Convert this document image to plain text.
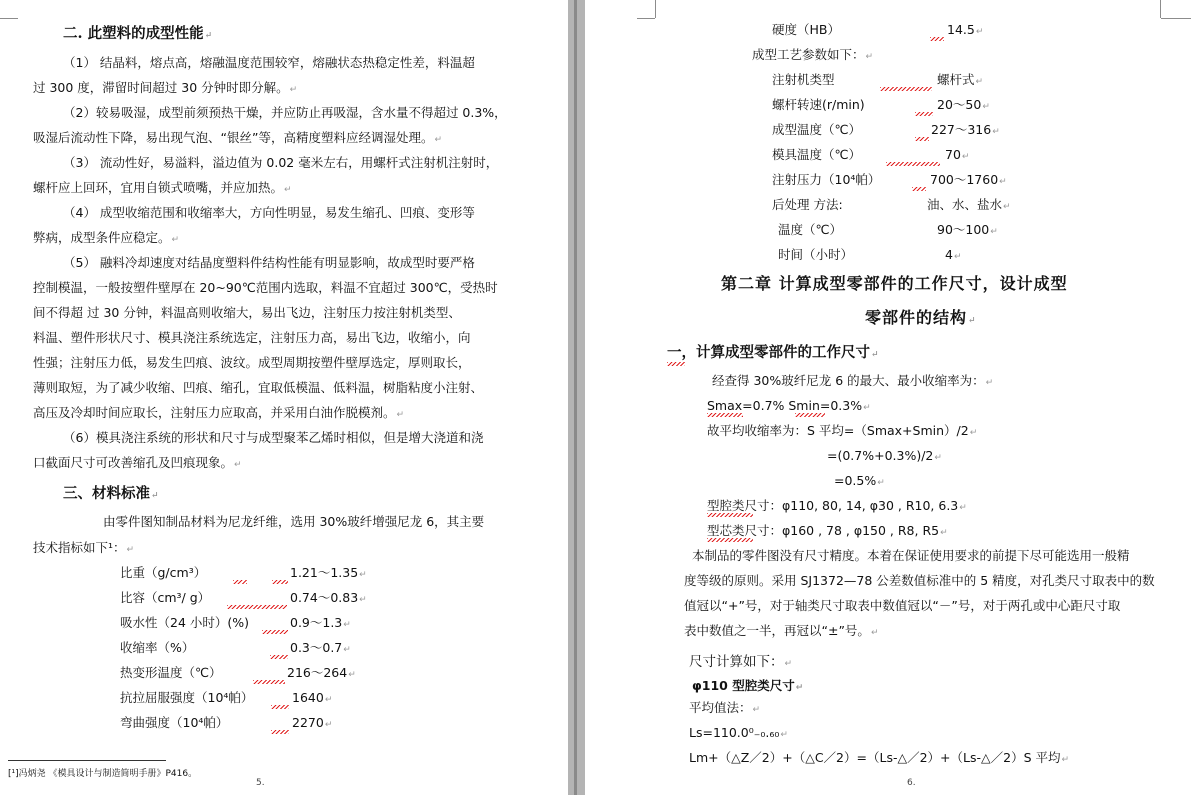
二. 此塑料的成型性能↵
（1） 结晶料，熔点高，熔融温度范围较窄，熔融状态热稳定性差，料温超
过 300 度，滞留时间超过 30 分钟时即分解。↵
（2）较易吸湿，成型前须预热干燥，并应防止再吸湿，含水量不得超过 0.3%，
吸湿后流动性下降，易出现气泡、“银丝”等，高精度塑料应经调湿处理。↵
（3） 流动性好，易溢料，溢边值为 0.02 毫米左右，用螺杆式注射机注射时，
螺杆应上回环，宜用自锁式喷嘴，并应加热。↵
（4） 成型收缩范围和收缩率大，方向性明显，易发生缩孔、凹痕、变形等
弊病，成型条件应稳定。↵
（5） 融料冷却速度对结晶度塑料件结构性能有明显影响，故成型时要严格
控制模温，一般按塑件壁厚在 20~90℃范围内选取，料温不宜超过 300℃，受热时
间不得超 过 30 分钟，料温高则收缩大，易出飞边，注射压力按注射机类型、
料温、塑件形状尺寸、模具浇注系统选定，注射压力高，易出飞边，收缩小，向
性强；注射压力低，易发生凹痕、波纹。成型周期按塑件壁厚选定，厚则取长，
薄则取短，为了减少收缩、凹痕、缩孔，宜取低模温、低料温，树脂粘度小注射、
高压及冷却时间应取长，注射压力应取高，并采用白油作脱模剂。↵
（6）模具浇注系统的形状和尺寸与成型聚苯乙烯时相似，但是增大浇道和浇
口截面尺寸可改善缩孔及凹痕现象。↵
三、材料标准↵
由零件图知制品材料为尼龙纤维，选用 30%玻纤增强尼龙 6，其主要
技术指标如下¹：↵
比重（g/cm³）	1.21～1.35↵
比容（cm³/ g）	0.74～0.83↵
吸水性（24 小时）(%)	0.9～1.3↵
收缩率（%）	0.3～0.7↵
热变形温度（℃）	216～264↵
抗拉屈服强度（10⁴帕）	1640↵
弯曲强度（10⁴帕）	2270↵
[¹]冯炳尧 《模具设计与制造简明手册》P416。
5.
硬度（HB）	14.5↵
成型工艺参数如下：↵
注射机类型	螺杆式↵
螺杆转速(r/min)	20～50↵
成型温度（℃）	227～316↵
模具温度（℃）	70↵
注射压力（10⁴帕）	700～1760↵
后处理 方法:	油、水、盐水↵
温度（℃）	90～100↵
时间（小时）	4↵
第二章 计算成型零部件的工作尺寸，设计成型
零部件的结构↵
一，计算成型零部件的工作尺寸↵
经查得 30%玻纤尼龙 6 的最大、最小收缩率为：↵
Smax=0.7% Smin=0.3%↵
故平均收缩率为：S 平均=（Smax+Smin）/2↵
=(0.7%+0.3%)/2↵
=0.5%↵
型腔类尺寸：φ110, 80, 14, φ30 , R10, 6.3↵
型芯类尺寸：φ160 , 78 , φ150 , R8, R5↵
本制品的零件图没有尺寸精度。本着在保证使用要求的前提下尽可能选用一般精
度等级的原则。采用 SJ1372—78 公差数值标准中的 5 精度，对孔类尺寸取表中的数
值冠以“+”号，对于轴类尺寸取表中数值冠以“－”号，对于两孔或中心距尺寸取
表中数值之一半，再冠以“±”号。↵
尺寸计算如下：↵
φ110 型腔类尺寸↵
平均值法：↵
Ls=110.0⁰₋₀.₆₀↵
Lm+（△Z／2）+（△C／2）=（Ls-△／2）+（Ls-△／2）S 平均↵
6.
